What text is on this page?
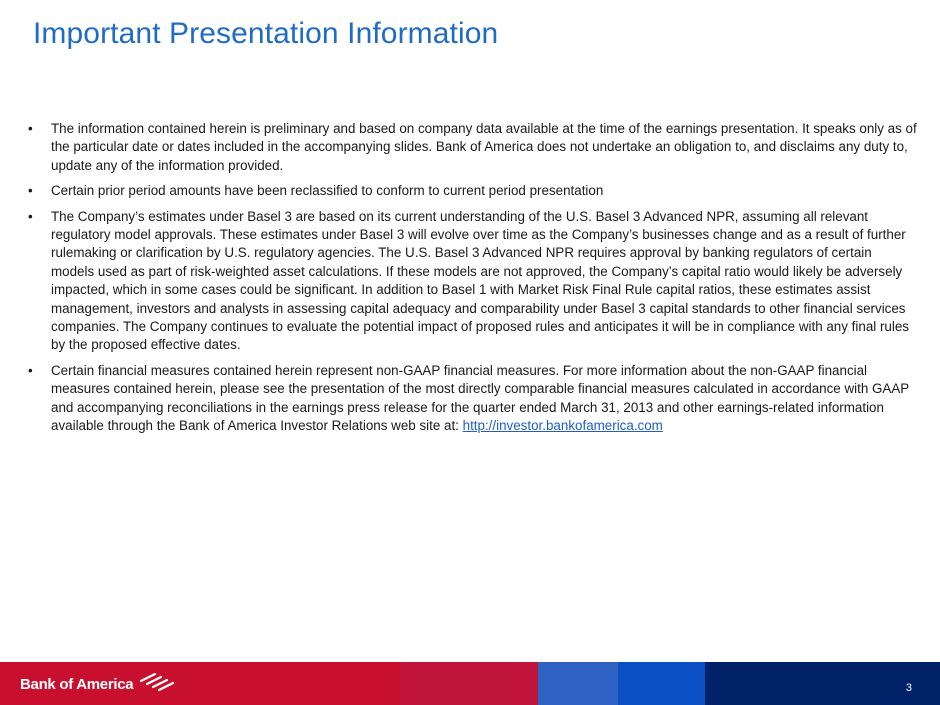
Important Presentation Information
• The information contained herein is preliminary and based on company data available at the time of the earnings presentation. It speaks only as of the particular date or dates included in the accompanying slides. Bank of America does not undertake an obligation to, and disclaims any duty to, update any of the information provided.
• Certain prior period amounts have been reclassified to conform to current period presentation
• The Company’s estimates under Basel 3 are based on its current understanding of the U.S. Basel 3 Advanced NPR, assuming all relevant regulatory model approvals. These estimates under Basel 3 will evolve over time as the Company’s businesses change and as a result of further rulemaking or clarification by U.S. regulatory agencies. The U.S. Basel 3 Advanced NPR requires approval by banking regulators of certain models used as part of risk-weighted asset calculations. If these models are not approved, the Company’s capital ratio would likely be adversely impacted, which in some cases could be significant. In addition to Basel 1 with Market Risk Final Rule capital ratios, these estimates assist management, investors and analysts in assessing capital adequacy and comparability under Basel 3 capital standards to other financial services companies. The Company continues to evaluate the potential impact of proposed rules and anticipates it will be in compliance with any final rules by the proposed effective dates.
• Certain financial measures contained herein represent non-GAAP financial measures. For more information about the non-GAAP financial measures contained herein, please see the presentation of the most directly comparable financial measures calculated in accordance with GAAP and accompanying reconciliations in the earnings press release for the quarter ended March 31, 2013 and other earnings-related information available through the Bank of America Investor Relations web site at: http://investor.bankofamerica.com
Bank of America	3
